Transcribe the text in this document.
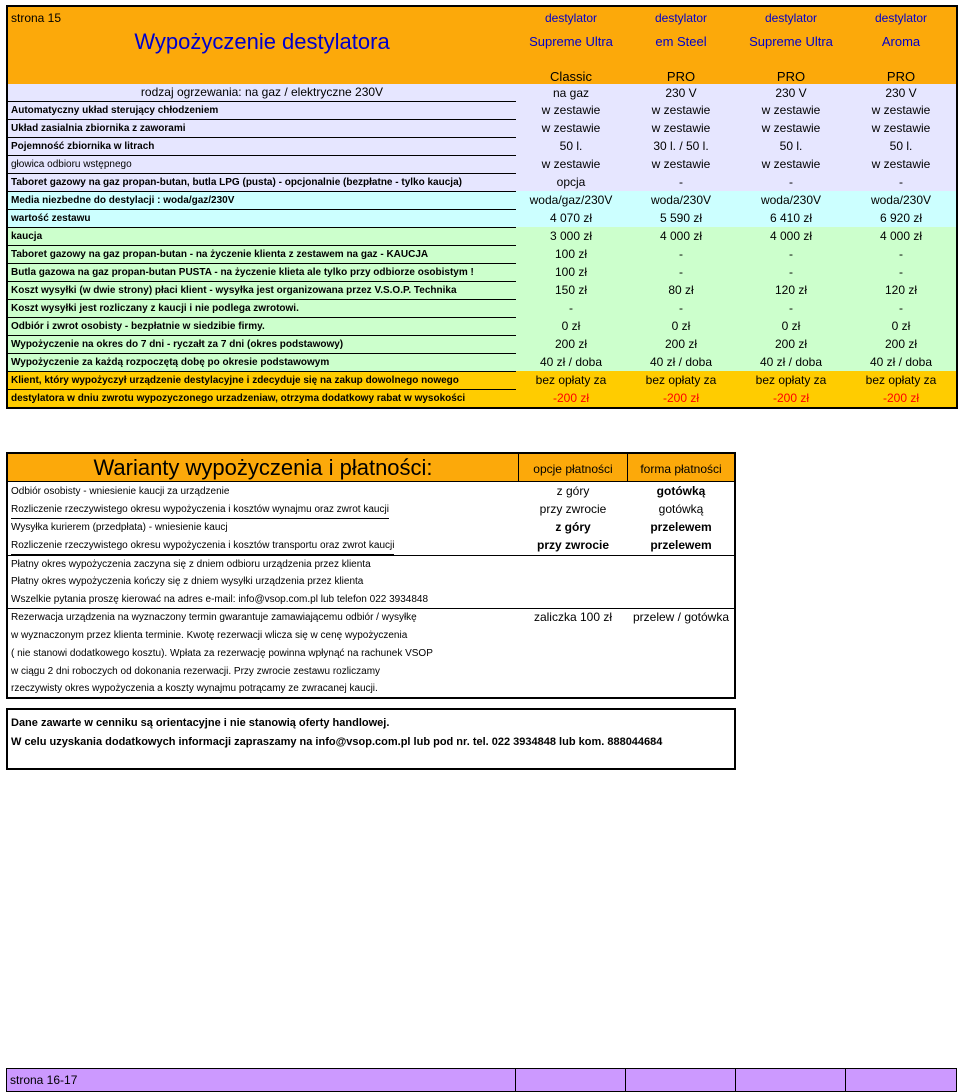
strona 15	destylator	destylator	destylator	destylator
Wypożyczenie destylatora	Supreme Ultra	em Steel	Supreme Ultra	Aroma
	Classic	PRO	PRO	PRO
rodzaj ogrzewania: na gaz / elektryczne 230V	na gaz	230 V	230 V	230 V
Automatyczny układ sterujący chłodzeniem	w zestawie	w zestawie	w zestawie	w zestawie
Układ zasialnia zbiornika z zaworami	w zestawie	w zestawie	w zestawie	w zestawie
Pojemność zbiornika w litrach	50 l.	30 l. / 50 l.	50 l.	50 l.
głowica odbioru wstępnego	w zestawie	w zestawie	w zestawie	w zestawie
Taboret gazowy na gaz propan-butan, butla LPG (pusta) - opcjonalnie (bezpłatne - tylko kaucja)	opcja	-	-	-
Media niezbedne do destylacji : woda/gaz/230V	woda/gaz/230V	woda/230V	woda/230V	woda/230V
wartość zestawu	4 070 zł	5 590 zł	6 410 zł	6 920 zł
kaucja	3 000 zł	4 000 zł	4 000 zł	4 000 zł
Taboret gazowy na gaz propan-butan - na życzenie klienta z zestawem na gaz - KAUCJA	100 zł	-	-	-
Butla gazowa na gaz propan-butan PUSTA - na życzenie klieta ale tylko przy odbiorze osobistym !	100 zł	-	-	-
Koszt wysyłki (w dwie strony) płaci klient - wysyłka jest organizowana przez V.S.O.P. Technika	150 zł	80 zł	120 zł	120 zł
Koszt wysyłki jest rozliczany z kaucji i nie podlega zwrotowi.	-	-	-	-
Odbiór i zwrot osobisty - bezpłatnie w siedzibie firmy.	0 zł	0 zł	0 zł	0 zł
Wypożyczenie na okres do 7 dni - ryczałt za 7 dni (okres podstawowy)	200 zł	200 zł	200 zł	200 zł
Wypożyczenie za każdą rozpoczętą dobę po okresie podstawowym	40 zł / doba	40 zł / doba	40 zł / doba	40 zł / doba
Klient, który wypożyczył urządzenie destylacyjne i zdecyduje się na zakup dowolnego nowego	bez opłaty za	bez opłaty za	bez opłaty za	bez opłaty za
destylatora w dniu zwrotu wypozyczonego urzadzeniaw, otrzyma dodatkowy rabat w wysokości	-200 zł	-200 zł	-200 zł	-200 zł
Warianty wypożyczenia i płatności:	opcje płatności	forma płatności
Odbiór osobisty - wniesienie kaucji za urządzenie	z góry	gotówką
Rozliczenie rzeczywistego okresu wypożyczenia i kosztów wynajmu oraz zwrot kaucji	przy zwrocie	gotówką
Wysyłka kurierem (przedpłata) - wniesienie kaucj	z góry	przelewem
Rozliczenie rzeczywistego okresu wypożyczenia i kosztów transportu oraz zwrot kaucji	przy zwrocie	przelewem
Płatny okres wypożyczenia zaczyna się z dniem odbioru urządzenia przez klienta
Płatny okres wypożyczenia kończy się z dniem wysyłki urządzenia przez klienta
Wszelkie pytania proszę kierować na adres e-mail: info@vsop.com.pl lub telefon 022 3934848
Rezerwacja urządzenia na wyznaczony termin gwarantuje zamawiającemu odbiór / wysyłkę	zaliczka 100 zł	przelew / gotówka
w wyznaczonym przez klienta terminie. Kwotę rezerwacji wlicza się w cenę wypożyczenia
( nie stanowi dodatkowego kosztu). Wpłata za rezerwację powinna wpłynąć na rachunek VSOP
w ciągu 2 dni roboczych od dokonania rezerwacji. Przy zwrocie zestawu rozliczamy
rzeczywisty okres wypożyczenia a koszty wynajmu potrącamy ze zwracanej kaucji.
Dane zawarte w cenniku są orientacyjne i nie stanowią oferty handlowej.
W celu uzyskania dodatkowych informacji zapraszamy na info@vsop.com.pl lub pod nr. tel. 022 3934848 lub kom. 888044684
strona 16-17				
